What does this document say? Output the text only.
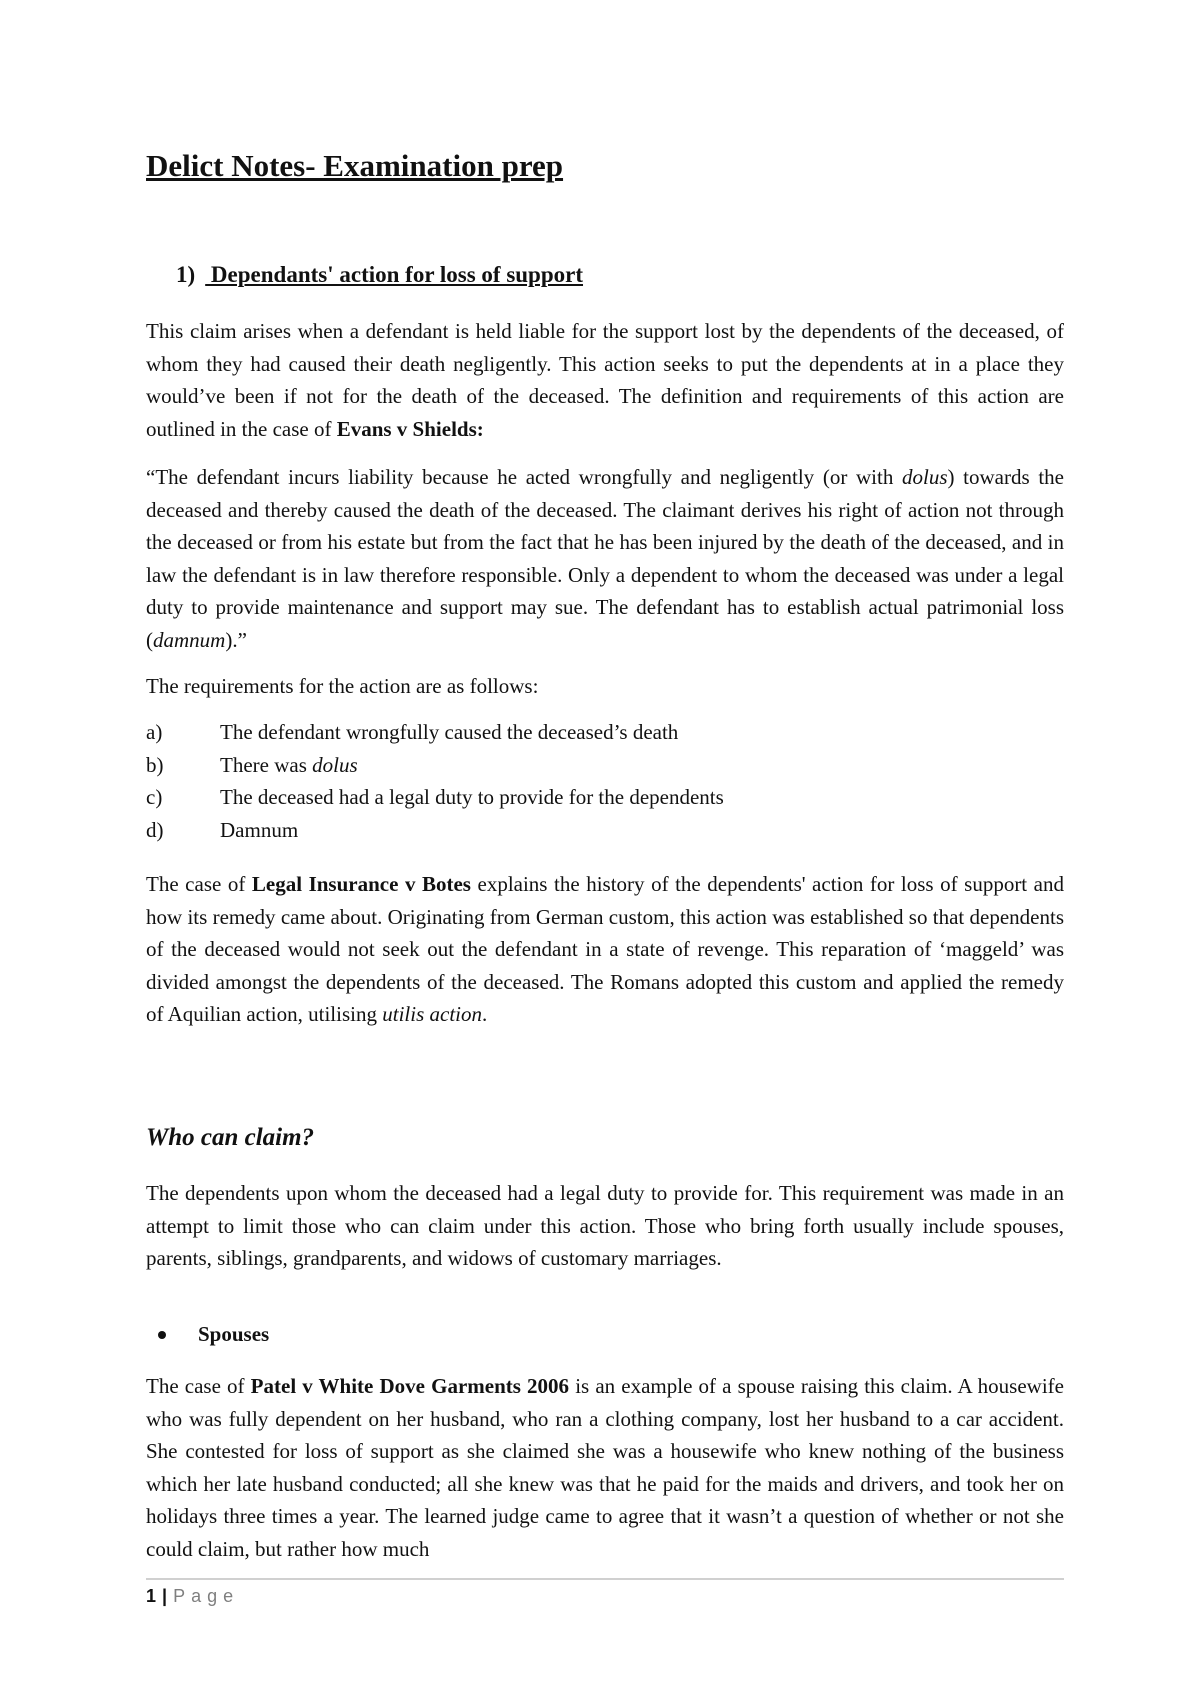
Delict Notes- Examination prep
1) Dependants' action for loss of support

This claim arises when a defendant is held liable for the support lost by the dependents of the deceased, of whom they had caused their death negligently. This action seeks to put the dependents at in a place they would’ve been if not for the death of the deceased. The definition and requirements of this action are outlined in the case of Evans v Shields:

“The defendant incurs liability because he acted wrongfully and negligently (or with dolus) towards the deceased and thereby caused the death of the deceased. The claimant derives his right of action not through the deceased or from his estate but from the fact that he has been injured by the death of the deceased, and in law the defendant is in law therefore responsible. Only a dependent to whom the deceased was under a legal duty to provide maintenance and support may sue. The defendant has to establish actual patrimonial loss (damnum).”

The requirements for the action are as follows:

a)	The defendant wrongfully caused the deceased’s death
b)	There was dolus
c)	The deceased had a legal duty to provide for the dependents
d)	Damnum

The case of Legal Insurance v Botes explains the history of the dependents' action for loss of support and how its remedy came about. Originating from German custom, this action was established so that dependents of the deceased would not seek out the defendant in a state of revenge. This reparation of ‘maggeld’ was divided amongst the dependents of the deceased. The Romans adopted this custom and applied the remedy of Aquilian action, utilising utilis action.

Who can claim?

The dependents upon whom the deceased had a legal duty to provide for. This requirement was made in an attempt to limit those who can claim under this action. Those who bring forth usually include spouses, parents, siblings, grandparents, and widows of customary marriages.

Spouses

The case of Patel v White Dove Garments 2006 is an example of a spouse raising this claim. A housewife who was fully dependent on her husband, who ran a clothing company, lost her husband to a car accident. She contested for loss of support as she claimed she was a housewife who knew nothing of the business which her late husband conducted; all she knew was that he paid for the maids and drivers, and took her on holidays three times a year. The learned judge came to agree that it wasn’t a question of whether or not she could claim, but rather how much

1 | Page
